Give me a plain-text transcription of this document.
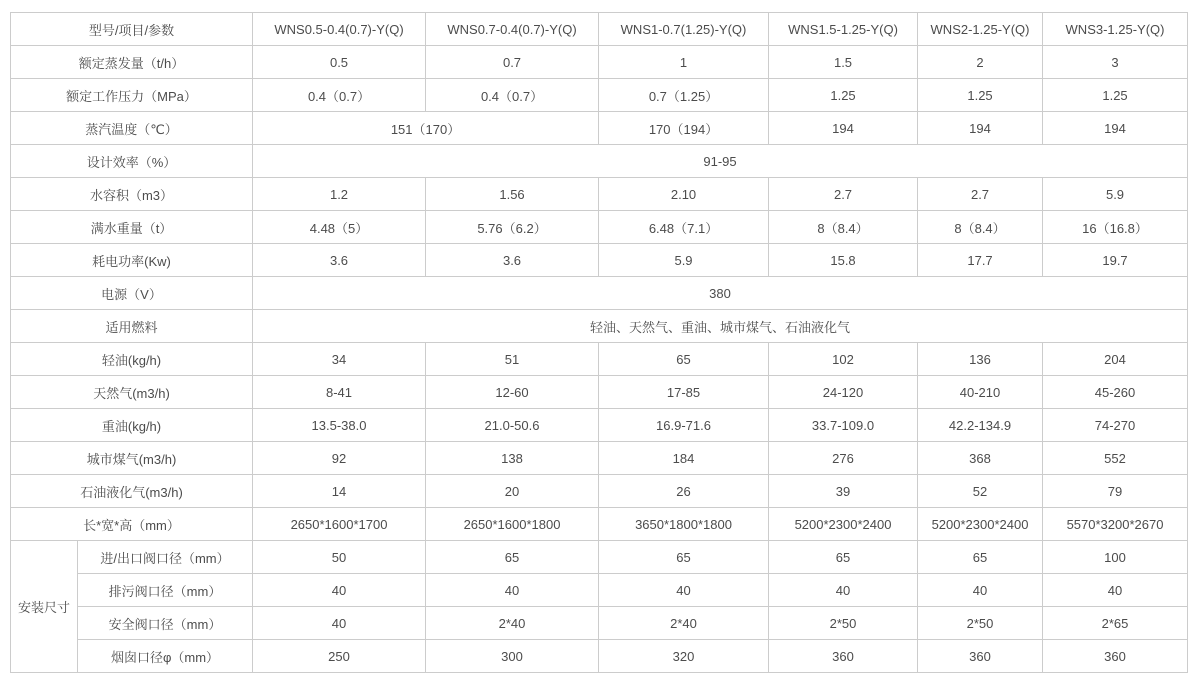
型号/项目/参数		WNS0.5-0.4(0.7)-Y(Q)	WNS0.7-0.4(0.7)-Y(Q)	WNS1-0.7(1.25)-Y(Q)	WNS1.5-1.25-Y(Q)	WNS2-1.25-Y(Q)	WNS3-1.25-Y(Q)
额定蒸发量（t/h）		0.5	0.7	1	1.5	2	3
额定工作压力（MPa）		0.4（0.7）	0.4（0.7）	0.7（1.25）	1.25	1.25	1.25
蒸汽温度（℃）		151（170）		170（194）	194	194	194
设计效率（%）		91-95					
水容积（m3）		1.2	1.56	2.10	2.7	2.7	5.9
满水重量（t）		4.48（5）	5.76（6.2）	6.48（7.1）	8（8.4）	8（8.4）	16（16.8）
耗电功率(Kw)		3.6	3.6	5.9	15.8	17.7	19.7
电源（V）		380					
适用燃料		轻油、天然气、重油、城市煤气、石油液化气					
轻油(kg/h)		34	51	65	102	136	204
天然气(m3/h)		8-41	12-60	17-85	24-120	40-210	45-260
重油(kg/h)		13.5-38.0	21.0-50.6	16.9-71.6	33.7-109.0	42.2-134.9	74-270
城市煤气(m3/h)		92	138	184	276	368	552
石油液化气(m3/h)		14	20	26	39	52	79
长*宽*高（mm）		2650*1600*1700	2650*1600*1800	3650*1800*1800	5200*2300*2400	5200*2300*2400	5570*3200*2670
安装尺寸	进/出口阀口径（mm）	50	65	65	65	65	100
	排污阀口径（mm）	40	40	40	40	40	40
	安全阀口径（mm）	40	2*40	2*40	2*50	2*50	2*65
	烟囱口径φ（mm）	250	300	320	360	360	360
